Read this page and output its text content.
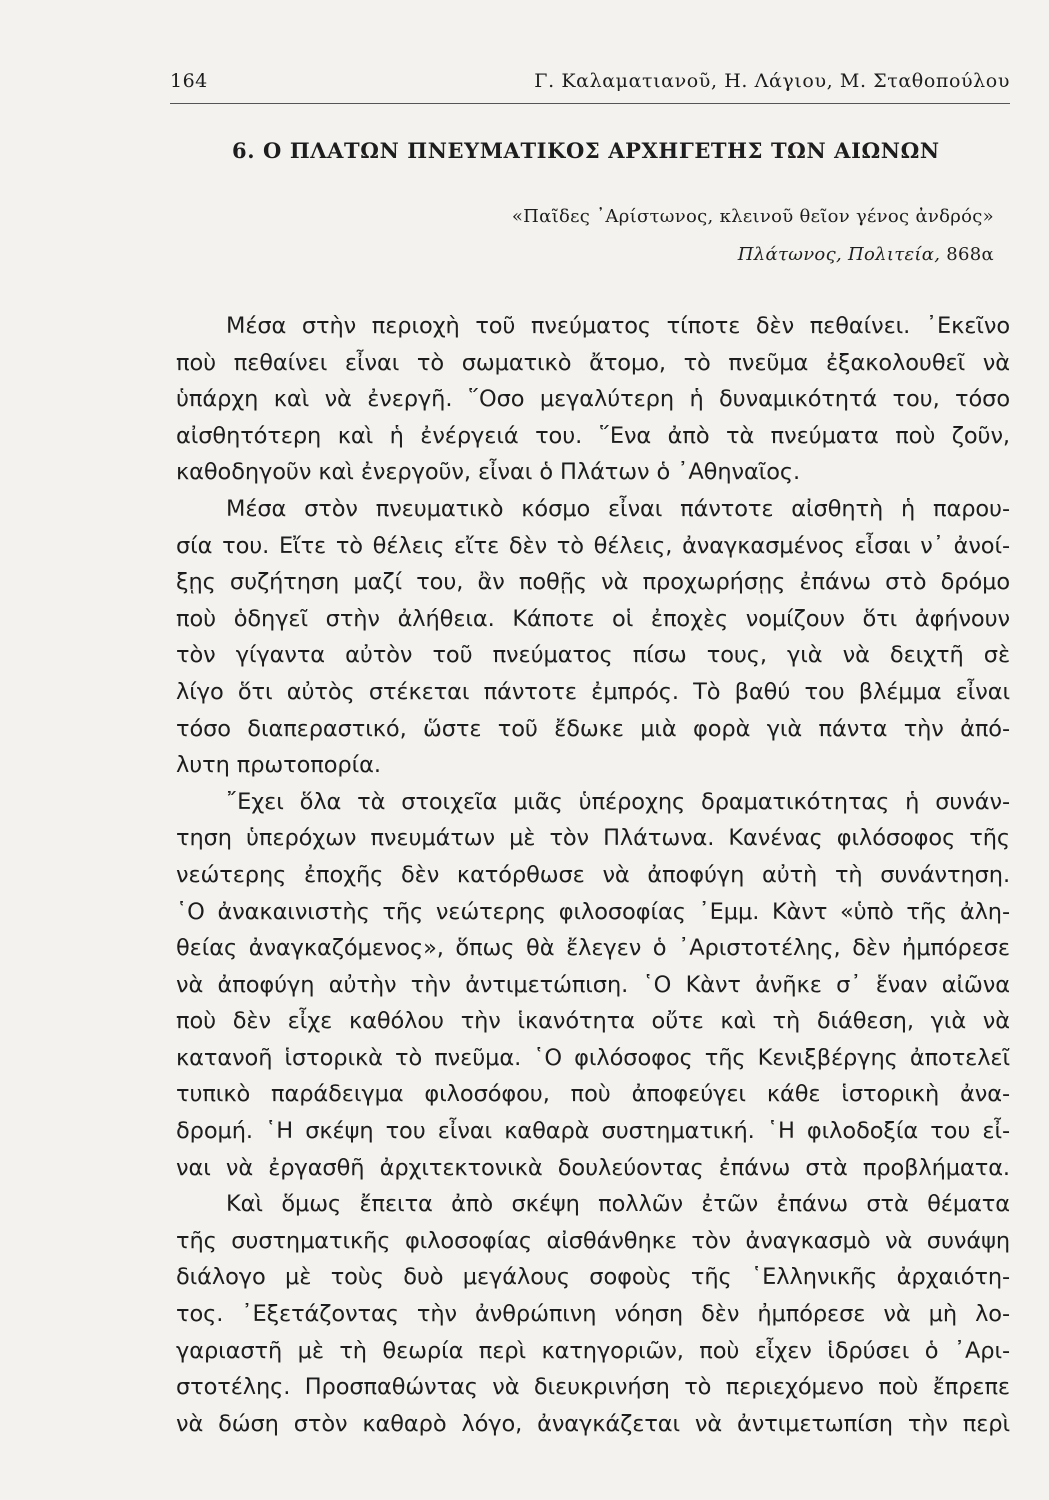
164	Γ. Καλαματιανοῦ, Η. Λάγιου, Μ. Σταθοπούλου
6. Ο ΠΛΑΤΩΝ ΠΝΕΥΜΑΤΙΚΟΣ ΑΡΧΗΓΕΤΗΣ ΤΩΝ ΑΙΩΝΩΝ
«Παῖδες ᾿Αρίστωνος, κλεινοῦ θεῖον γένος ἀνδρός»
Πλάτωνος, Πολιτεία, 868α

Μέσα στὴν περιοχὴ τοῦ πνεύματος τίποτε δὲν πεθαίνει. ᾿Εκεῖνο
ποὺ πεθαίνει εἶναι τὸ σωματικὸ ἄτομο, τὸ πνεῦμα ἐξακολουθεῖ νὰ
ὑπάρχη καὶ νὰ ἐνεργῆ. ῞Οσο μεγαλύτερη ἡ δυναμικότητά του, τόσο
αἰσθητότερη καὶ ἡ ἐνέργειά του. ῞Ενα ἀπὸ τὰ πνεύματα ποὺ ζοῦν,
καθοδηγοῦν καὶ ἐνεργοῦν, εἶναι ὁ Πλάτων ὁ ᾿Αθηναῖος.

Μέσα στὸν πνευματικὸ κόσμο εἶναι πάντοτε αἰσθητὴ ἡ παρου-
σία του. Εἴτε τὸ θέλεις εἴτε δὲν τὸ θέλεις, ἀναγκασμένος εἶσαι ν᾿ ἀνοί-
ξῃς συζήτηση μαζί του, ἂν ποθῇς νὰ προχωρήσῃς ἐπάνω στὸ δρόμο
ποὺ ὁδηγεῖ στὴν ἀλήθεια. Κάποτε οἱ ἐποχὲς νομίζουν ὅτι ἀφήνουν
τὸν γίγαντα αὐτὸν τοῦ πνεύματος πίσω τους, γιὰ νὰ δειχτῆ σὲ
λίγο ὅτι αὐτὸς στέκεται πάντοτε ἐμπρός. Τὸ βαθύ του βλέμμα εἶναι
τόσο διαπεραστικό, ὥστε τοῦ ἔδωκε μιὰ φορὰ γιὰ πάντα τὴν ἀπό-
λυτη πρωτοπορία.

῎Εχει ὅλα τὰ στοιχεῖα μιᾶς ὑπέροχης δραματικότητας ἡ συνάν-
τηση ὑπερόχων πνευμάτων μὲ τὸν Πλάτωνα. Κανένας φιλόσοφος τῆς
νεώτερης ἐποχῆς δὲν κατόρθωσε νὰ ἀποφύγη αὐτὴ τὴ συνάντηση.
῾Ο ἀνακαινιστὴς τῆς νεώτερης φιλοσοφίας ᾿Εμμ. Κὰντ «ὑπὸ τῆς ἀλη-
θείας ἀναγκαζόμενος», ὅπως θὰ ἔλεγεν ὁ ᾿Αριστοτέλης, δὲν ἠμπόρεσε
νὰ ἀποφύγη αὐτὴν τὴν ἀντιμετώπιση. ῾Ο Κὰντ ἀνῆκε σ᾿ ἕναν αἰῶνα
ποὺ δὲν εἶχε καθόλου τὴν ἱκανότητα οὔτε καὶ τὴ διάθεση, γιὰ νὰ
κατανοῆ ἱστορικὰ τὸ πνεῦμα. ῾Ο φιλόσοφος τῆς Κενιξβέργης ἀποτελεῖ
τυπικὸ παράδειγμα φιλοσόφου, ποὺ ἀποφεύγει κάθε ἱστορικὴ ἀνα-
δρομή. ῾Η σκέψη του εἶναι καθαρὰ συστηματική. ῾Η φιλοδοξία του εἶ-
ναι νὰ ἐργασθῆ ἀρχιτεκτονικὰ δουλεύοντας ἐπάνω στὰ προβλήματα.

Καὶ ὅμως ἔπειτα ἀπὸ σκέψη πολλῶν ἐτῶν ἐπάνω στὰ θέματα
τῆς συστηματικῆς φιλοσοφίας αἰσθάνθηκε τὸν ἀναγκασμὸ νὰ συνάψη
διάλογο μὲ τοὺς δυὸ μεγάλους σοφοὺς τῆς ῾Ελληνικῆς ἀρχαιότη-
τος. ᾿Εξετάζοντας τὴν ἀνθρώπινη νόηση δὲν ἠμπόρεσε νὰ μὴ λο-
γαριαστῆ μὲ τὴ θεωρία περὶ κατηγοριῶν, ποὺ εἶχεν ἱδρύσει ὁ ᾿Αρι-
στοτέλης. Προσπαθώντας νὰ διευκρινήση τὸ περιεχόμενο ποὺ ἔπρεπε
νὰ δώση στὸν καθαρὸ λόγο, ἀναγκάζεται νὰ ἀντιμετωπίση τὴν περὶ
